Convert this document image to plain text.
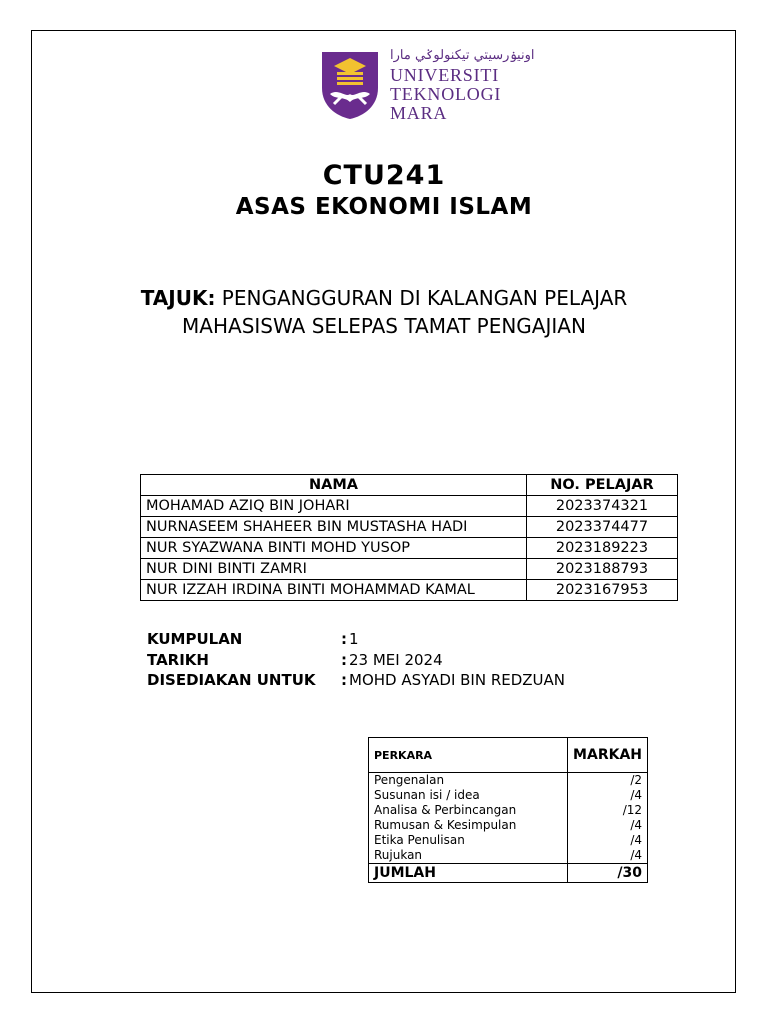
اونيۏرسيتي تيكنولوݢي مارا
UNIVERSITI
TEKNOLOGI
MARA
CTU241
ASAS EKONOMI ISLAM
TAJUK: PENGANGGURAN DI KALANGAN PELAJAR
MAHASISWA SELEPAS TAMAT PENGAJIAN
NAMA	NO. PELAJAR
MOHAMAD AZIQ BIN JOHARI	2023374321
NURNASEEM SHAHEER BIN MUSTASHA HADI	2023374477
NUR SYAZWANA BINTI MOHD YUSOP	2023189223
NUR DINI BINTI ZAMRI	2023188793
NUR IZZAH IRDINA BINTI MOHAMMAD KAMAL	2023167953
KUMPULAN	: 1
TARIKH	: 23 MEI 2024
DISEDIAKAN UNTUK	: MOHD ASYADI BIN REDZUAN
PERKARA	MARKAH
Pengenalan	/2
Susunan isi / idea	/4
Analisa & Perbincangan	/12
Rumusan & Kesimpulan	/4
Etika Penulisan	/4
Rujukan	/4
JUMLAH	/30
